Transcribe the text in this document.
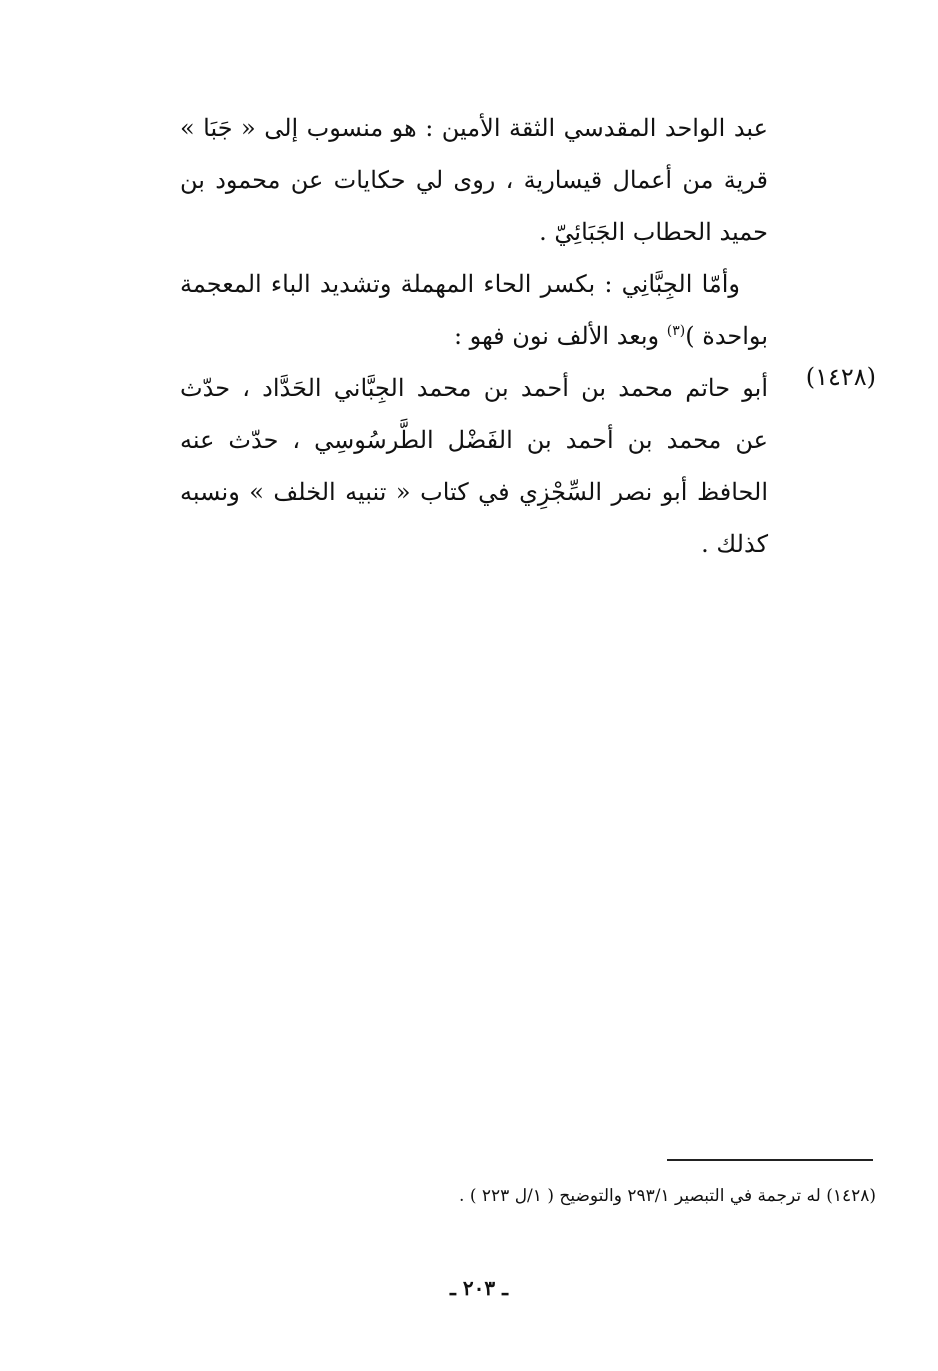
عبد الواحد المقدسي الثقة الأمين : هو منسوب إلى « جَبَا »
قرية من أعمال قيسارية ، روى لي حكايات عن محمود بن
حميد الحطاب الجَبَائِيّ .
وأمّا الجِبَّانِي : بكسر الحاء المهملة وتشديد الباء المعجمة
بواحدة )$^{(٣)}$ وبعد الألف نون فهو :
أبو حاتم محمد بن أحمد بن محمد الجِبَّاني الحَدَّاد ، حدّث
عن محمد بن أحمد بن الفَضْل الطَّرسُوسِي ، حدّث عنه
الحافظ أبو نصر السِّجْزِي في كتاب « تنبيه الخلف » ونسبه
كذلك .
(١٤٢٨)
(١٤٢٨) له ترجمة في التبصير ٢٩٣/١ والتوضيح ( ١/ل ٢٢٣ ) .
ـ ٢٠٣ ـ
